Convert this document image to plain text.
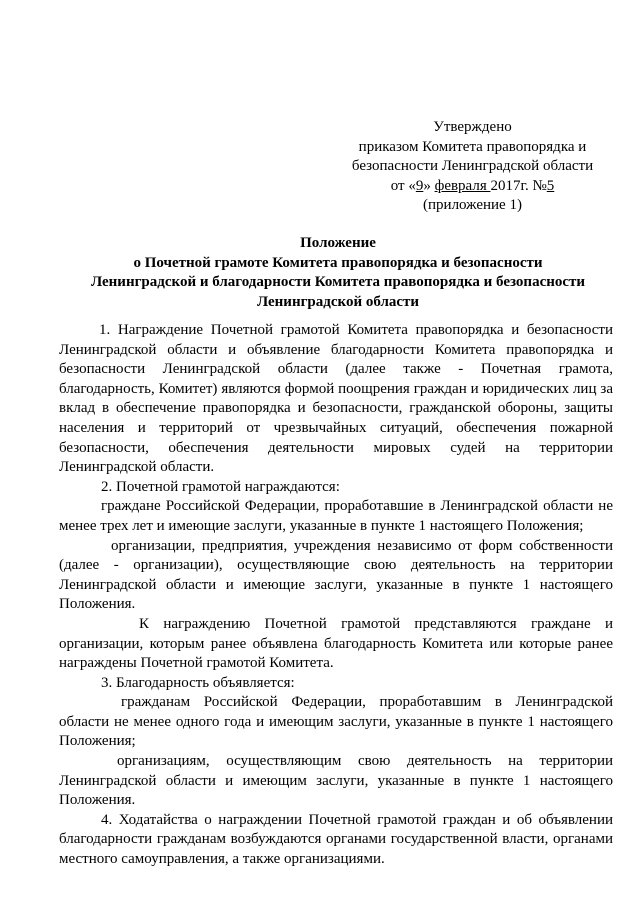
Утверждено
приказом Комитета правопорядка и
безопасности Ленинградской области
от «9» февраля 2017г. №5
(приложение 1)
Положение
о Почетной грамоте Комитета правопорядка и безопасности
Ленинградской и благодарности Комитета правопорядка и безопасности
Ленинградской области

1. Награждение Почетной грамотой Комитета правопорядка и безопасности Ленинградской области и объявление благодарности Комитета правопорядка и безопасности Ленинградской области (далее также - Почетная грамота, благодарность, Комитет) являются формой поощрения граждан и юридических лиц за вклад в обеспечение правопорядка и безопасности, гражданской обороны, защиты населения и территорий от чрезвычайных ситуаций, обеспечения пожарной безопасности, обеспечения деятельности мировых судей на территории Ленинградской области.

2. Почетной грамотой награждаются:

граждане Российской Федерации, проработавшие в Ленинградской области не менее трех лет и имеющие заслуги, указанные в пункте 1 настоящего Положения;

организации, предприятия, учреждения независимо от форм собственности (далее - организации), осуществляющие свою деятельность на территории Ленинградской области и имеющие заслуги, указанные в пункте 1 настоящего Положения.

К награждению Почетной грамотой представляются граждане и организации, которым ранее объявлена благодарность Комитета или которые ранее награждены Почетной грамотой Комитета.

3. Благодарность объявляется:

гражданам Российской Федерации, проработавшим в Ленинградской области не менее одного года и имеющим заслуги, указанные в пункте 1 настоящего Положения;

организациям, осуществляющим свою деятельность на территории Ленинградской области и имеющим заслуги, указанные в пункте 1 настоящего Положения.

4. Ходатайства о награждении Почетной грамотой граждан и об объявлении благодарности гражданам возбуждаются органами государственной власти, органами местного самоуправления, а также организациями.
